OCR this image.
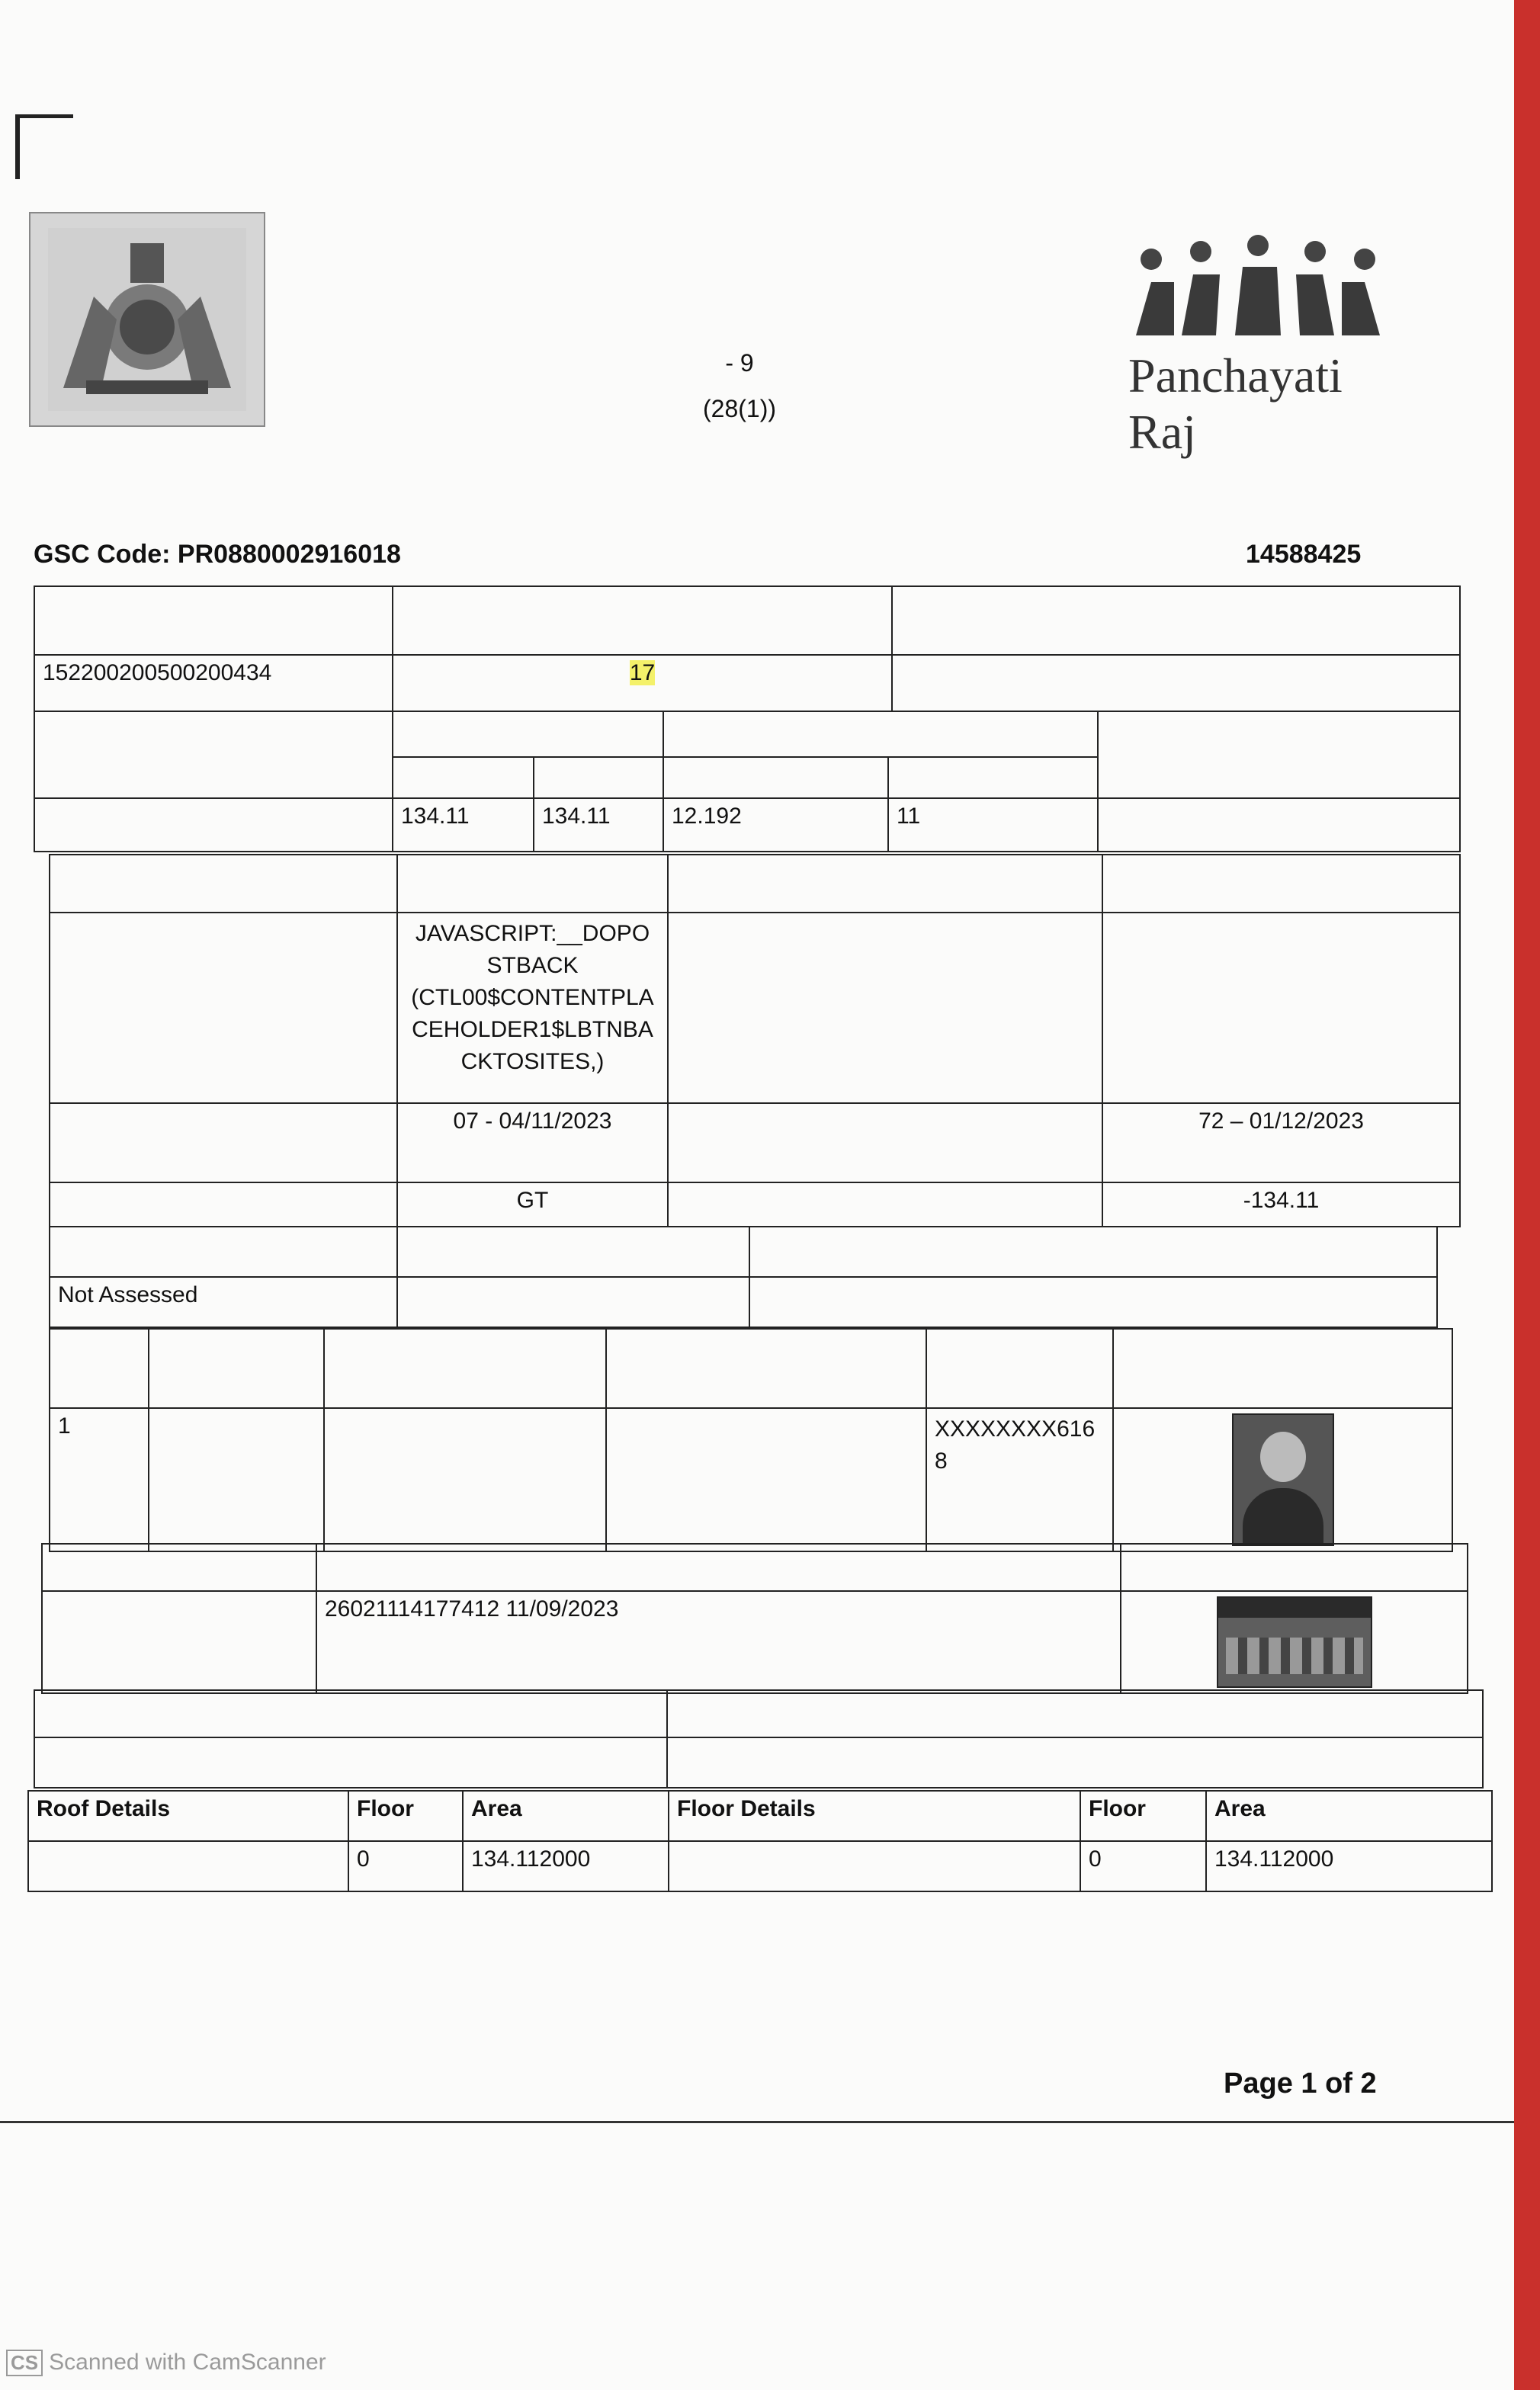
Panchayati Raj
- 9
(28(1))
GSC Code: PR0880002916018	14588425

152200200500200434	17	

	134.11	134.11	12.192	11	

	JAVASCRIPT:__DOPO STBACK (CTL00$CONTENTPLA CEHOLDER1$LBTNBA CKTOSITES,)		

	07 - 04/11/2023		72 – 01/12/2023
	GT		-134.11

Not Assessed		

1				XXXXXXXX6168	

	26021114177412 11/09/2023	

Roof Details	Floor	Area	Floor Details	Floor	Area
	0	134.112000		0	134.112000
Page 1 of 2
CS Scanned with CamScanner
